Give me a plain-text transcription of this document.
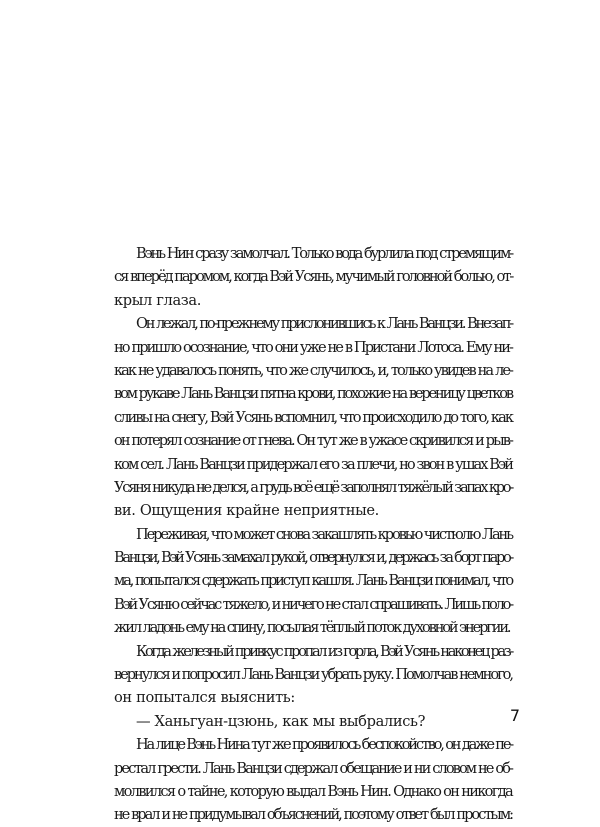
Вэнь Нин сразу замолчал. Только вода бурлила под стремящим-
ся вперёд паромом, когда Вэй Усянь, мучимый головной болью, от-
крыл глаза.
Он лежал, по-прежнему прислонившись к Лань Ванцзи. Внезап-
но пришло осознание, что они уже не в Пристани Лотоса. Ему ни-
как не удавалось понять, что же случилось, и, только увидев на ле-
вом рукаве Лань Ванцзи пятна крови, похожие на вереницу цветков
сливы на снегу, Вэй Усянь вспомнил, что происходило до того, как
он потерял сознание от гнева. Он тут же в ужасе скривился и рыв-
ком сел. Лань Ванцзи придержал его за плечи, но звон в ушах Вэй
Усяня никуда не делся, а грудь всё ещё заполнял тяжёлый запах кро-
ви. Ощущения крайне неприятные.
Переживая, что может снова закашлять кровью чистюлю Лань
Ванцзи, Вэй Усянь замахал рукой, отвернулся и, держась за борт паро-
ма, попытался сдержать приступ кашля. Лань Ванцзи понимал, что
Вэй Усяню сейчас тяжело, и ничего не стал спрашивать. Лишь поло-
жил ладонь ему на спину, посылая тёплый поток духовной энергии.
Когда железный привкус пропал из горла, Вэй Усянь наконец раз-
вернулся и попросил Лань Ванцзи убрать руку. Помолчав немного,
он попытался выяснить:
— Ханьгуан-цзюнь, как мы выбрались?
На лице Вэнь Нина тут же проявилось беспокойство, он даже пе-
рестал грести. Лань Ванцзи сдержал обещание и ни словом не об-
молвился о тайне, которую выдал Вэнь Нин. Однако он никогда
не врал и не придумывал объяснений, поэтому ответ был простым:
7
